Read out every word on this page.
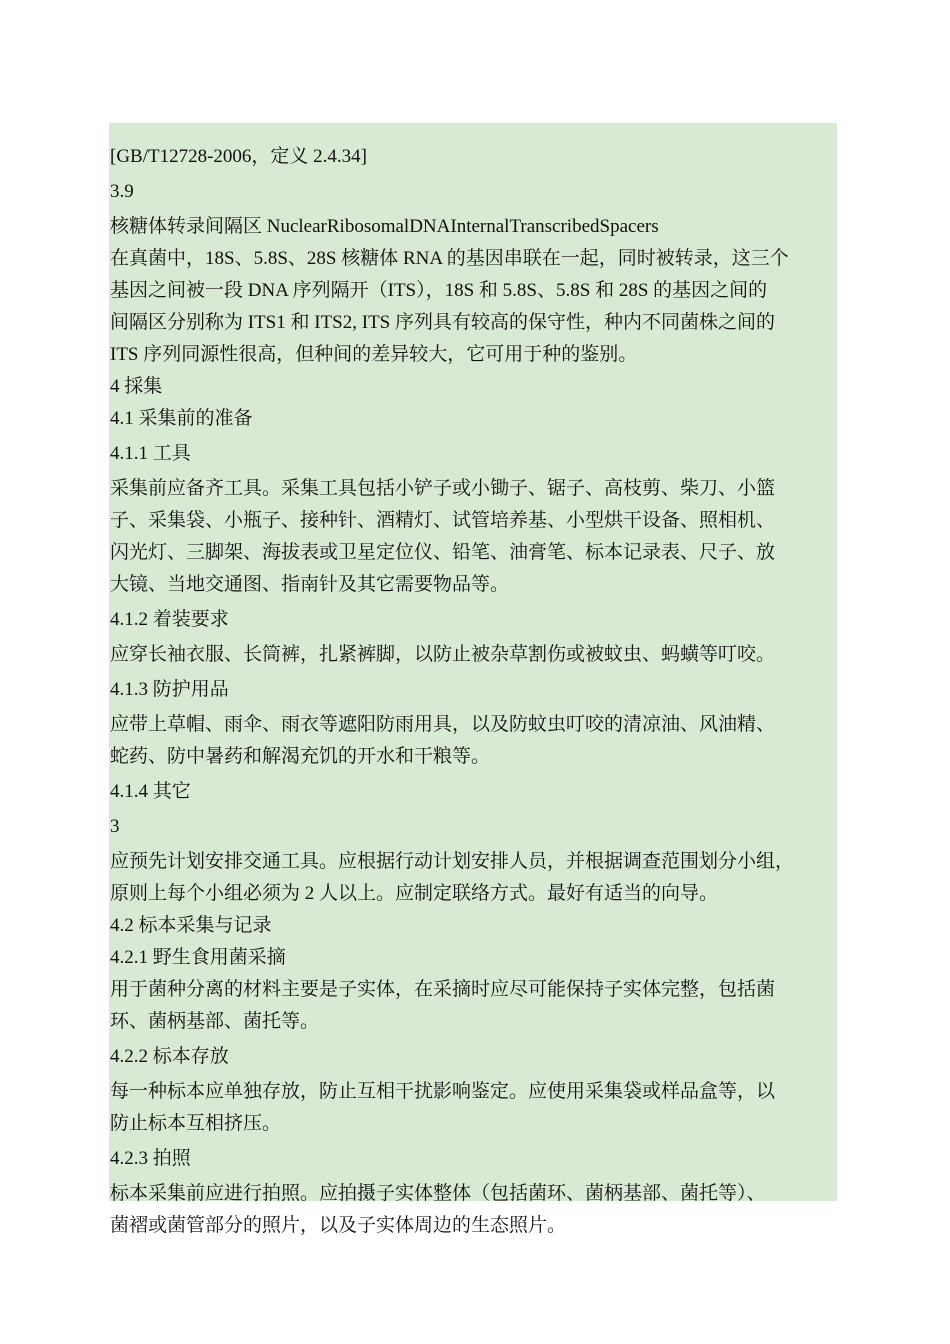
[GB/T12728-2006，定义 2.4.34]
3.9
核糖体转录间隔区 NuclearRibosomalDNAInternalTranscribedSpacers
在真菌中，18S、5.8S、28S 核糖体 RNA 的基因串联在一起，同时被转录，这三个
基因之间被一段 DNA 序列隔开（ITS），18S 和 5.8S、5.8S 和 28S 的基因之间的
间隔区分别称为 ITS1 和 ITS2, ITS 序列具有较高的保守性，种内不同菌株之间的
ITS 序列同源性很高，但种间的差异较大，它可用于种的鉴别。
4 採集
4.1 采集前的准备
4.1.1 工具
采集前应备齐工具。采集工具包括小铲子或小锄子、锯子、高枝剪、柴刀、小篮
子、采集袋、小瓶子、接种针、酒精灯、试管培养基、小型烘干设备、照相机、
闪光灯、三脚架、海拔表或卫星定位仪、铅笔、油膏笔、标本记录表、尺子、放
大镜、当地交通图、指南针及其它需要物品等。
4.1.2 着装要求
应穿长袖衣服、长筒裤，扎紧裤脚，以防止被杂草割伤或被蚊虫、蚂蟥等叮咬。
4.1.3 防护用品
应带上草帽、雨伞、雨衣等遮阳防雨用具，以及防蚊虫叮咬的清凉油、风油精、
蛇药、防中暑药和解渴充饥的开水和干粮等。
4.1.4 其它
3
应预先计划安排交通工具。应根据行动计划安排人员，并根据调查范围划分小组，
原则上每个小组必须为 2 人以上。应制定联络方式。最好有适当的向导。
4.2 标本采集与记录
4.2.1 野生食用菌采摘
用于菌种分离的材料主要是子实体，在采摘时应尽可能保持子实体完整，包括菌
环、菌柄基部、菌托等。
4.2.2 标本存放
每一种标本应单独存放，防止互相干扰影响鉴定。应使用采集袋或样品盒等，以
防止标本互相挤压。
4.2.3 拍照
标本采集前应进行拍照。应拍摄子实体整体（包括菌环、菌柄基部、菌托等）、
菌褶或菌管部分的照片，以及子实体周边的生态照片。
